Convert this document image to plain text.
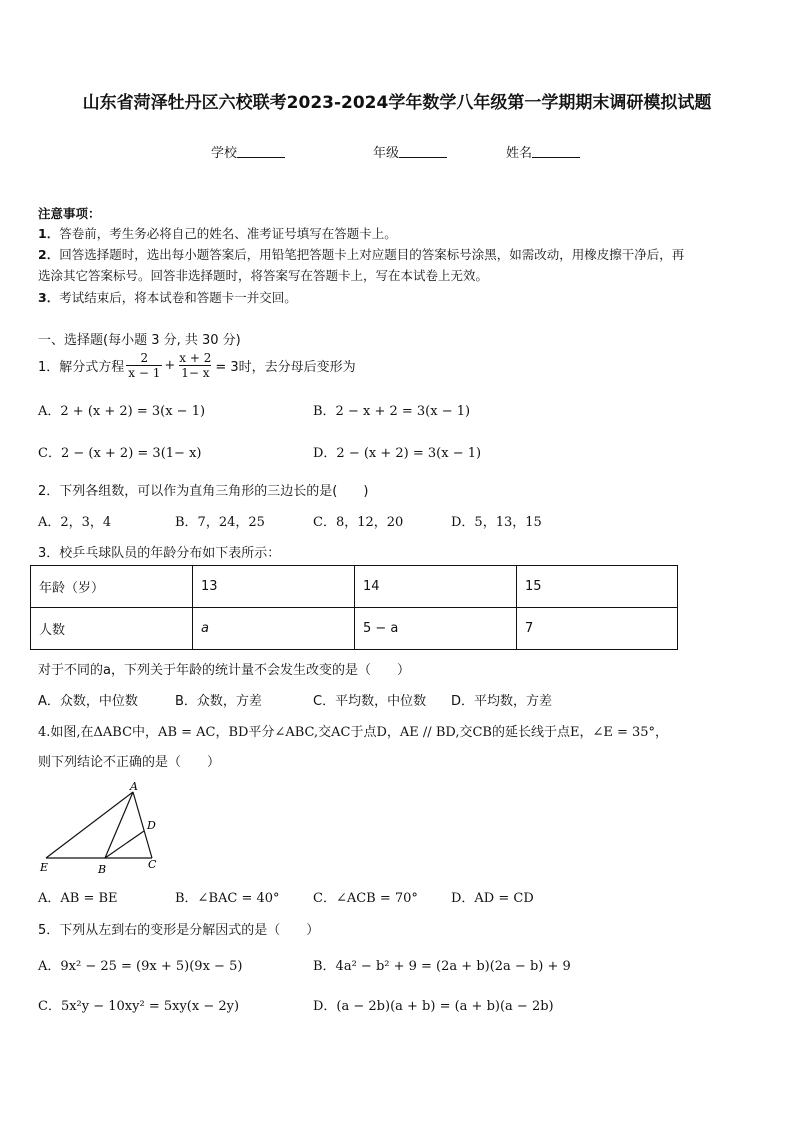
山东省菏泽牡丹区六校联考2023-2024学年数学八年级第一学期期末调研模拟试题
学校	年级	姓名
注意事项：
1．答卷前，考生务必将自己的姓名、准考证号填写在答题卡上。
2．回答选择题时，选出每小题答案后，用铅笔把答题卡上对应题目的答案标号涂黑，如需改动，用橡皮擦干净后，再
选涂其它答案标号。回答非选择题时，将答案写在答题卡上，写在本试卷上无效。
3．考试结束后，将本试卷和答题卡一并交回。
一、选择题(每小题 3 分, 共 30 分)
1．解分式方程 $\frac{2}{x - 1} + \frac{x + 2}{1- x} = 3$时，去分母后变形为
A．2 + (x + 2) = 3(x − 1)	B．2 − x + 2 = 3(x − 1)
C．2 − (x + 2) = 3(1− x)	D．2 − (x + 2) = 3(x − 1)
2．下列各组数，可以作为直角三角形的三边长的是(　　)
A．2，3，4	B．7，24，25	C．8，12，20	D．5，13，15
3．校乒乓球队员的年龄分布如下表所示：
年龄（岁）	13	14	15
人数	a	5 − a	7
对于不同的a，下列关于年龄的统计量不会发生改变的是（　　）
A．众数，中位数	B．众数，方差	C．平均数，中位数 D．平均数，方差
4.如图,在ΔABC中，AB = AC，BD平分∠ABC,交AC于点D，AE // BD,交CB的延长线于点E，∠E = 35°，
则下列结论不正确的是（　　）
A
D
C
B
E
A．AB = BE	B．∠BAC = 40°	C．∠ACB = 70°	D．AD = CD
5．下列从左到右的变形是分解因式的是（　　）
A．9x² − 25 = (9x + 5)(9x − 5)	B．4a² − b² + 9 = (2a + b)(2a − b) + 9
C．5x²y − 10xy² = 5xy(x − 2y)	D．(a − 2b)(a + b) = (a + b)(a − 2b)
